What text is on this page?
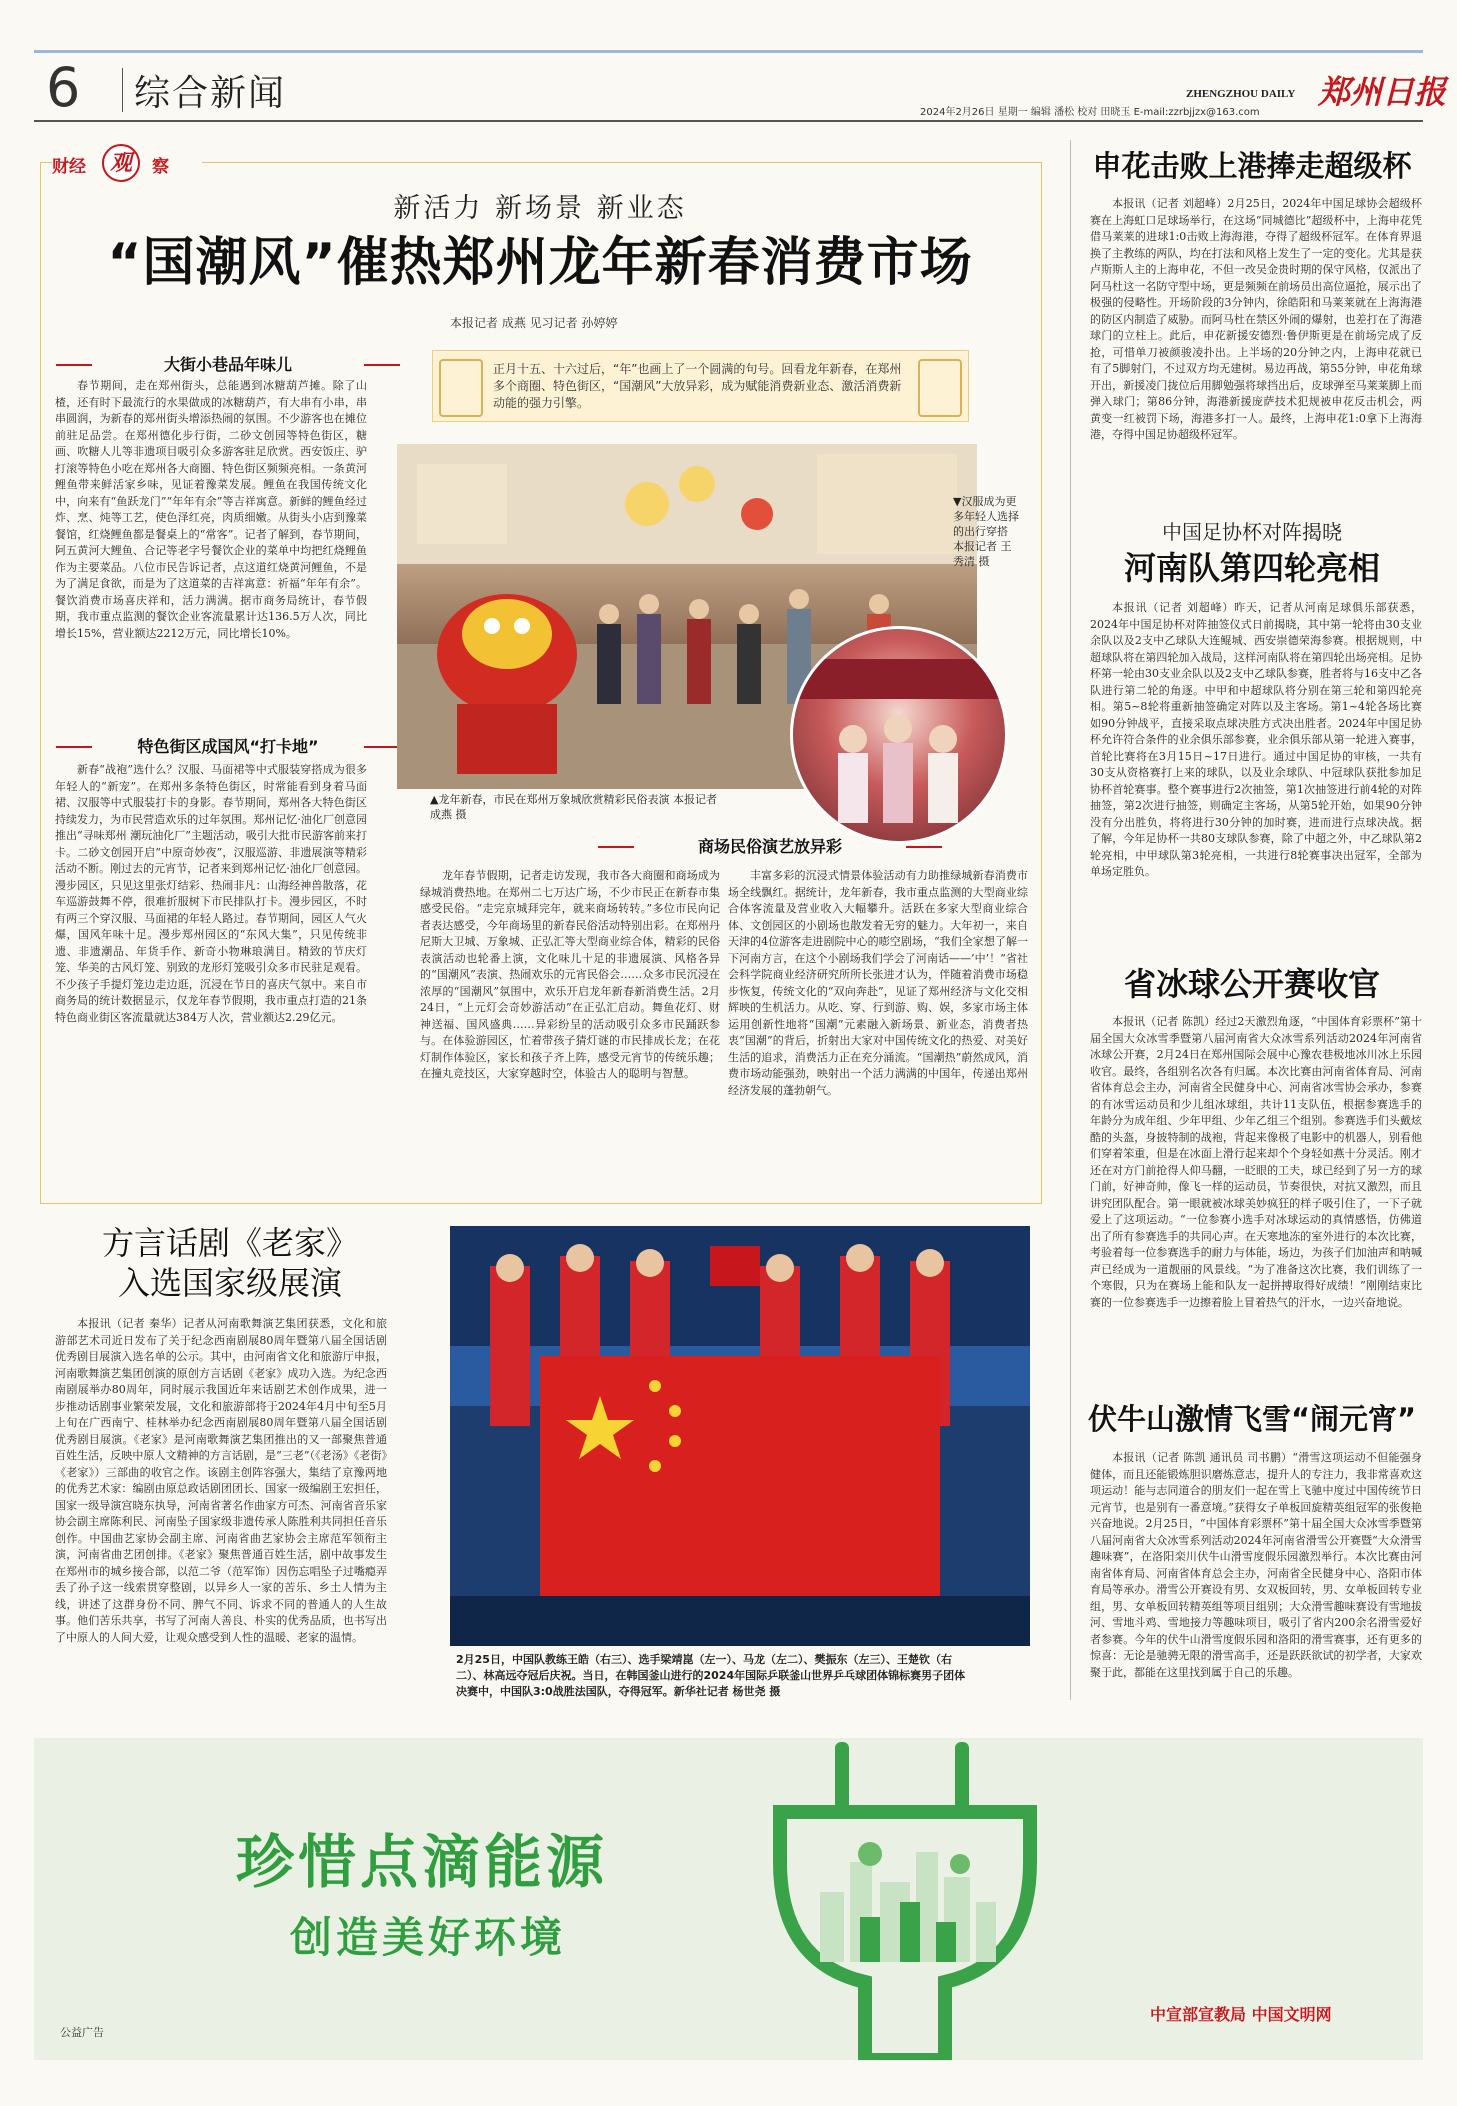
6 综合新闻	ZHENGZHOU DAILY
2024年2月26日 星期一 编辑 潘松 校对 田晓玉 E-mail:zzrbjjzx@163.com
郑州日报
财经	观	察
新活力 新场景 新业态
“国潮风”催热郑州龙年新春消费市场
本报记者 成燕 见习记者 孙婷婷
正月十五、十六过后，“年”也画上了一个圆满的句号。回看龙年新春，在郑州多个商圈、特色街区，“国潮风”大放异彩，成为赋能消费新业态、激活消费新动能的强力引擎。
大街小巷品年味儿

春节期间，走在郑州街头，总能遇到冰糖葫芦摊。除了山楂，还有时下最流行的水果做成的冰糖葫芦，有大串有小串，串串圆润，为新春的郑州街头增添热闹的氛围。不少游客也在摊位前驻足品尝。在郑州德化步行街，二砂文创园等特色街区，糖画、吹糖人儿等非遗项目吸引众多游客驻足欣赏。西安饭庄、驴打滚等特色小吃在郑州各大商圈、特色街区频频亮相。一条黄河鲤鱼带来鲜活家乡味，见证着豫菜发展。鲤鱼在我国传统文化中，向来有“鱼跃龙门”“年年有余”等吉祥寓意。新鲜的鲤鱼经过炸、烹、炖等工艺，使色泽红亮，肉质细嫩。从街头小店到豫菜餐馆，红烧鲤鱼都是餐桌上的“常客”。记者了解到，春节期间，阿五黄河大鲤鱼、合记等老字号餐饮企业的菜单中均把红烧鲤鱼作为主要菜品。八位市民告诉记者，点这道红烧黄河鲤鱼，不是为了满足食欲，而是为了这道菜的吉祥寓意：祈福“年年有余”。餐饮消费市场喜庆祥和，活力满满。据市商务局统计，春节假期，我市重点监测的餐饮企业客流量累计达136.5万人次，同比增长15%，营业额达2212万元，同比增长10%。

特色街区成国风“打卡地”

新春“战袍”选什么？汉服、马面裙等中式服装穿搭成为很多年轻人的“新宠”。在郑州多条特色街区，时常能看到身着马面裙、汉服等中式服装打卡的身影。春节期间，郑州各大特色街区持续发力，为市民营造欢乐的过年氛围。郑州记忆·油化厂创意园推出“寻味郑州 潮玩油化厂”主题活动，吸引大批市民游客前来打卡。二砂文创园开启“中原奇妙夜”，汉服巡游、非遗展演等精彩活动不断。刚过去的元宵节，记者来到郑州记忆·油化厂创意园。漫步园区，只见这里张灯结彩、热闹非凡：山海经神兽散落，花车巡游鼓舞不停，很难折服树下市民排队打卡。漫步园区，不时有两三个穿汉服、马面裙的年轻人路过。春节期间，园区人气火爆，国风年味十足。漫步郑州园区的“东风大集”，只见传统非遗、非遗潮品、年货手作、新奇小物琳琅满目。精致的节庆灯笼、华美的古风灯笼、别致的龙形灯笼吸引众多市民驻足观看。不少孩子手提灯笼边走边逛，沉浸在节日的喜庆气氛中。来自市商务局的统计数据显示，仅龙年春节假期，我市重点打造的21条特色商业街区客流量就达384万人次，营业额达2.29亿元。

▼汉服成为更多年轻人选择的出行穿搭 本报记者 王秀清 摄
▲龙年新春，市民在郑州万象城欣赏精彩民俗表演 本报记者 成燕 摄
商场民俗演艺放异彩

龙年春节假期，记者走访发现，我市各大商圈和商场成为绿城消费热地。在郑州二七万达广场，不少市民正在新春市集感受民俗。“走完京城拜完年，就来商场转转。”多位市民向记者表达感受，今年商场里的新春民俗活动特别出彩。在郑州丹尼斯大卫城、万象城、正弘汇等大型商业综合体，精彩的民俗表演活动也轮番上演，文化味儿十足的非遗展演、风格各异的“国潮风”表演、热闹欢乐的元宵民俗会……众多市民沉浸在浓厚的“国潮风”氛围中，欢乐开启龙年新春新消费生活。2月24日，“上元灯会奇妙游活动”在正弘汇启动。舞鱼花灯、财神送福、国风盛典……异彩纷呈的活动吸引众多市民踊跃参与。在体验游园区，忙着带孩子猜灯谜的市民排成长龙；在花灯制作体验区，家长和孩子齐上阵，感受元宵节的传统乐趣；在撞丸竞技区，大家穿越时空，体验古人的聪明与智慧。

丰富多彩的沉浸式情景体验活动有力助推绿城新春消费市场全线飘红。据统计，龙年新春，我市重点监测的大型商业综合体客流量及营业收入大幅攀升。活跃在多家大型商业综合体、文创园区的小剧场也散发着无穷的魅力。大年初一，来自天津的4位游客走进剧院中心的嘭空剧场，“我们全家想了解一下河南方言，在这个小剧场我们学会了河南话——‘中’！”省社会科学院商业经济研究所所长张进才认为，伴随着消费市场稳步恢复，传统文化的“双向奔赴”，见证了郑州经济与文化交相辉映的生机活力。从吃、穿、行到游、购、娱，多家市场主体运用创新性地将“国潮”元素融入新场景、新业态，消费者热衷“国潮”的背后，折射出大家对中国传统文化的热爱、对美好生活的追求，消费活力正在充分涌流。“国潮热”蔚然成风，消费市场动能强劲，映射出一个活力满满的中国年，传递出郑州经济发展的蓬勃朝气。

申花击败上港捧走超级杯

本报讯（记者 刘超峰）2月25日，2024年中国足球协会超级杯赛在上海虹口足球场举行，在这场“同城德比”超级杯中，上海申花凭借马莱莱的进球1:0击败上海海港，夺得了超级杯冠军。在体育界退换了主教练的两队，均在打法和风格上发生了一定的变化。尤其是获卢斯斯人主的上海申花，不但一改吴金贵时期的保守风格，仅派出了阿马杜这一名防守型中场，更是频频在前场员出高位逼抢，展示出了极强的侵略性。开场阶段的3分钟内，徐皓阳和马莱莱就在上海海港的防区内制造了威胁。而阿马杜在禁区外闹的爆射，也差打在了海港球门的立柱上。此后，申花新援安德烈·鲁伊斯更是在前场完成了反抢，可惜单刀被颜骏凌扑出。上半场的20分钟之内，上海申花就已有了5脚射门，不过双方均无建树。易边再战，第55分钟，申花角球开出，新援凌门拢位后用脚勉强将球挡出后，皮球弹至马莱莱脚上而弹入球门；第86分钟，海港新援庞萨技术犯规被申花反击机会，两黄变一红被罚下场，海港多打一人。最终，上海申花1:0拿下上海海港，夺得中国足协超级杯冠军。

中国足协杯对阵揭晓
河南队第四轮亮相

本报讯（记者 刘超峰）昨天，记者从河南足球俱乐部获悉，2024年中国足协杯对阵抽签仪式日前揭晓，其中第一轮将由30支业余队以及2支中乙球队大连鲲城、西安崇德荣海参赛。根据规则，中超球队将在第四轮加入战局，这样河南队将在第四轮出场亮相。足协杯第一轮由30支业余队以及2支中乙球队参赛，胜者将与16支中乙各队进行第二轮的角逐。中甲和中超球队将分别在第三轮和第四轮亮相。第5~8轮将重新抽签确定对阵以及主客场。第1~4轮各场比赛如90分钟战平，直接采取点球决胜方式决出胜者。2024年中国足协杯允许符合条件的业余俱乐部参赛，业余俱乐部从第一轮进入赛事，首轮比赛将在3月15日~17日进行。通过中国足协的审核，一共有30支从资格赛打上来的球队，以及业余球队、中冠球队获批参加足协杯首轮赛事。整个赛事进行2次抽签，第1次抽签进行前4轮的对阵抽签，第2次进行抽签，则确定主客场，从第5轮开始，如果90分钟没有分出胜负，将将进行30分钟的加时赛，进而进行点球决战。据了解，今年足协杯一共80支球队参赛，除了中超之外，中乙球队第2轮亮相，中甲球队第3轮亮相，一共进行8轮赛事决出冠军，全部为单场定胜负。

省冰球公开赛收官

本报讯（记者 陈凯）经过2天激烈角逐，“中国体育彩票杯”第十届全国大众冰雪季暨第八届河南省大众冰雪系列活动2024年河南省冰球公开赛，2月24日在郑州国际会展中心豫农巷极地冰川冰上乐园收官。最终，各组别名次各有归属。本次比赛由河南省体育局、河南省体育总会主办，河南省全民健身中心、河南省冰雪协会承办，参赛的有冰雪运动员和少儿组冰球组，共计11支队伍，根据参赛选手的年龄分为成年组、少年甲组、少年乙组三个组别。参赛选手们头戴炫酷的头盔，身披特制的战袍，背起来像极了电影中的机器人，别看他们穿着笨重，但是在冰面上滑行起来却个个身轻如燕十分灵活。刚才还在对方门前抢得人仰马翻，一眨眼的工夫，球已经到了另一方的球门前，好神奇帅，像飞一样的运动员，节奏很快，对抗又激烈，而且讲究团队配合。第一眼就被冰球美妙疯狂的样子吸引住了，一下子就爱上了这项运动。“一位参赛小选手对冰球运动的真情感悟，仿佛道出了所有参赛选手的共同心声。在天寒地冻的室外进行的本次比赛，考验着每一位参赛选手的耐力与体能，场边，为孩子们加油声和呐喊声已经成为一道靓丽的风景线。“为了准备这次比赛，我们训练了一个寒假，只为在赛场上能和队友一起拼搏取得好成绩！”刚刚结束比赛的一位参赛选手一边擦着脸上冒着热气的汗水，一边兴奋地说。

伏牛山激情飞雪“闹元宵”

本报讯（记者 陈凯 通讯员 司书鹏）“滑雪这项运动不但能强身健体，而且还能锻炼胆识磨炼意志，提升人的专注力，我非常喜欢这项运动！能与志同道合的朋友们一起在雪上飞驰中度过中国传统节日元宵节，也是别有一番意境。”获得女子单板回旋精英组冠军的张俊艳兴奋地说。2月25日，“中国体育彩票杯”第十届全国大众冰雪季暨第八届河南省大众冰雪系列活动2024年河南省滑雪公开赛暨“大众滑雪趣味赛”，在洛阳栾川伏牛山滑雪度假乐园激烈举行。本次比赛由河南省体育局、河南省体育总会主办，河南省全民健身中心、洛阳市体育局等承办。滑雪公开赛设有男、女双板回转，男、女单板回转专业组，男、女单板回转精英组等项目组别；大众滑雪趣味赛设有雪地拔河、雪地斗鸡、雪地接力等趣味项目，吸引了省内200余名滑雪爱好者参赛。今年的伏牛山滑雪度假乐园和洛阳的滑雪赛事，还有更多的惊喜：无论是驰骋无限的滑雪高手，还是跃跃欲试的初学者，大家欢聚于此，都能在这里找到属于自己的乐趣。

方言话剧《老家》
入选国家级展演

本报讯（记者 秦华）记者从河南歌舞演艺集团获悉，文化和旅游部艺术司近日发布了关于纪念西南剧展80周年暨第八届全国话剧优秀剧目展演入选名单的公示。其中，由河南省文化和旅游厅申报，河南歌舞演艺集团创演的原创方言话剧《老家》成功入选。为纪念西南剧展举办80周年，同时展示我国近年来话剧艺术创作成果，进一步推动话剧事业繁荣发展，文化和旅游部将于2024年4月中旬至5月上旬在广西南宁、桂林举办纪念西南剧展80周年暨第八届全国话剧优秀剧目展演。《老家》是河南歌舞演艺集团推出的又一部聚焦普通百姓生活，反映中原人文精神的方言话剧，是“三老”（《老汤》《老街》《老家》）三部曲的收官之作。该剧主创阵容强大，集结了京豫两地的优秀艺术家：编剧由原总政话剧团团长、国家一级编剧王宏担任，国家一级导演宫晓东执导，河南省著名作曲家方可杰、河南省音乐家协会副主席陈利民、河南坠子国家级非遗传承人陈胜利共同担任音乐创作。中国曲艺家协会副主席、河南省曲艺家协会主席范军领衔主演，河南省曲艺团创排。《老家》聚焦普通百姓生活，剧中故事发生在郑州市的城乡接合部，以范二爷（范军饰）因伤忘唱坠子过嘴瘾弄丢了孙子这一线索贯穿整剧，以异乡人一家的苦乐、乡土人情为主线，讲述了这群身份不同、脾气不同、诉求不同的普通人的人生故事。他们苦乐共享，书写了河南人善良、朴实的优秀品质，也书写出了中原人的人间大爱，让观众感受到人性的温暖、老家的温情。

2月25日，中国队教练王皓（右三）、选手梁靖崑（左一）、马龙（左二）、樊振东（左三）、王楚钦（右二）、林高远夺冠后庆祝。当日，在韩国釜山进行的2024年国际乒联釜山世界乒乓球团体锦标赛男子团体决赛中，中国队3:0战胜法国队，夺得冠军。新华社记者 杨世尧 摄
珍惜点滴能源
创造美好环境
公益广告
中宣部宣教局 中国文明网
